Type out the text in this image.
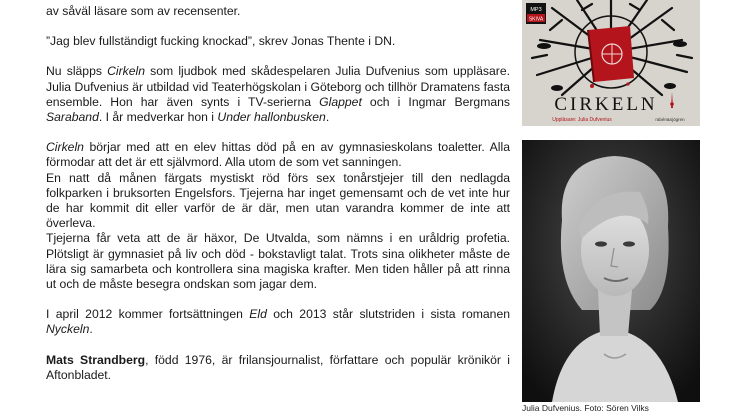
av såväl läsare som av recensenter.

”Jag blev fullständigt fucking knockad”, skrev Jonas Thente i DN.

Nu släpps Cirkeln som ljudbok med skådespelaren Julia Dufvenius som uppläsare. Julia Dufvenius är utbildad vid Teaterhögskolan i Göteborg och tillhör Dramatens fasta ensemble. Hon har även synts i TV-serierna Glappet och i Ingmar Bergmans Saraband. I år medverkar hon i Under hallonbusken.

Cirkeln börjar med att en elev hittas död på en av gymnasieskolans toaletter. Alla förmodar att det är ett självmord. Alla utom de som vet sanningen.

En natt då månen färgats mystiskt röd förs sex tonårstjejer till den nedlagda folkparken i bruksorten Engelsfors. Tjejerna har inget gemensamt och de vet inte hur de har kommit dit eller varför de är där, men utan varandra kommer de inte att överleva.

Tjejerna får veta att de är häxor, De Utvalda, som nämns i en uråldrig profetia. Plötsligt är gymnasiet på liv och död - bokstavligt talat. Trots sina olikheter måste de lära sig samarbeta och kontrollera sina magiska krafter. Men tiden håller på att rinna ut och de måste besegra ondskan som jagar dem.

I april 2012 kommer fortsättningen Eld och 2013 står slutstriden i sista romanen Nyckeln.

Mats Strandberg, född 1976, är frilansjournalist, författare och populär krönikör i Aftonbladet.

MP3
SKIVA
CIRKELN
Uppläsare: Julia Dufvenius	rabén&sjögren
Julia Dufvenius. Foto: Sören Vilks
